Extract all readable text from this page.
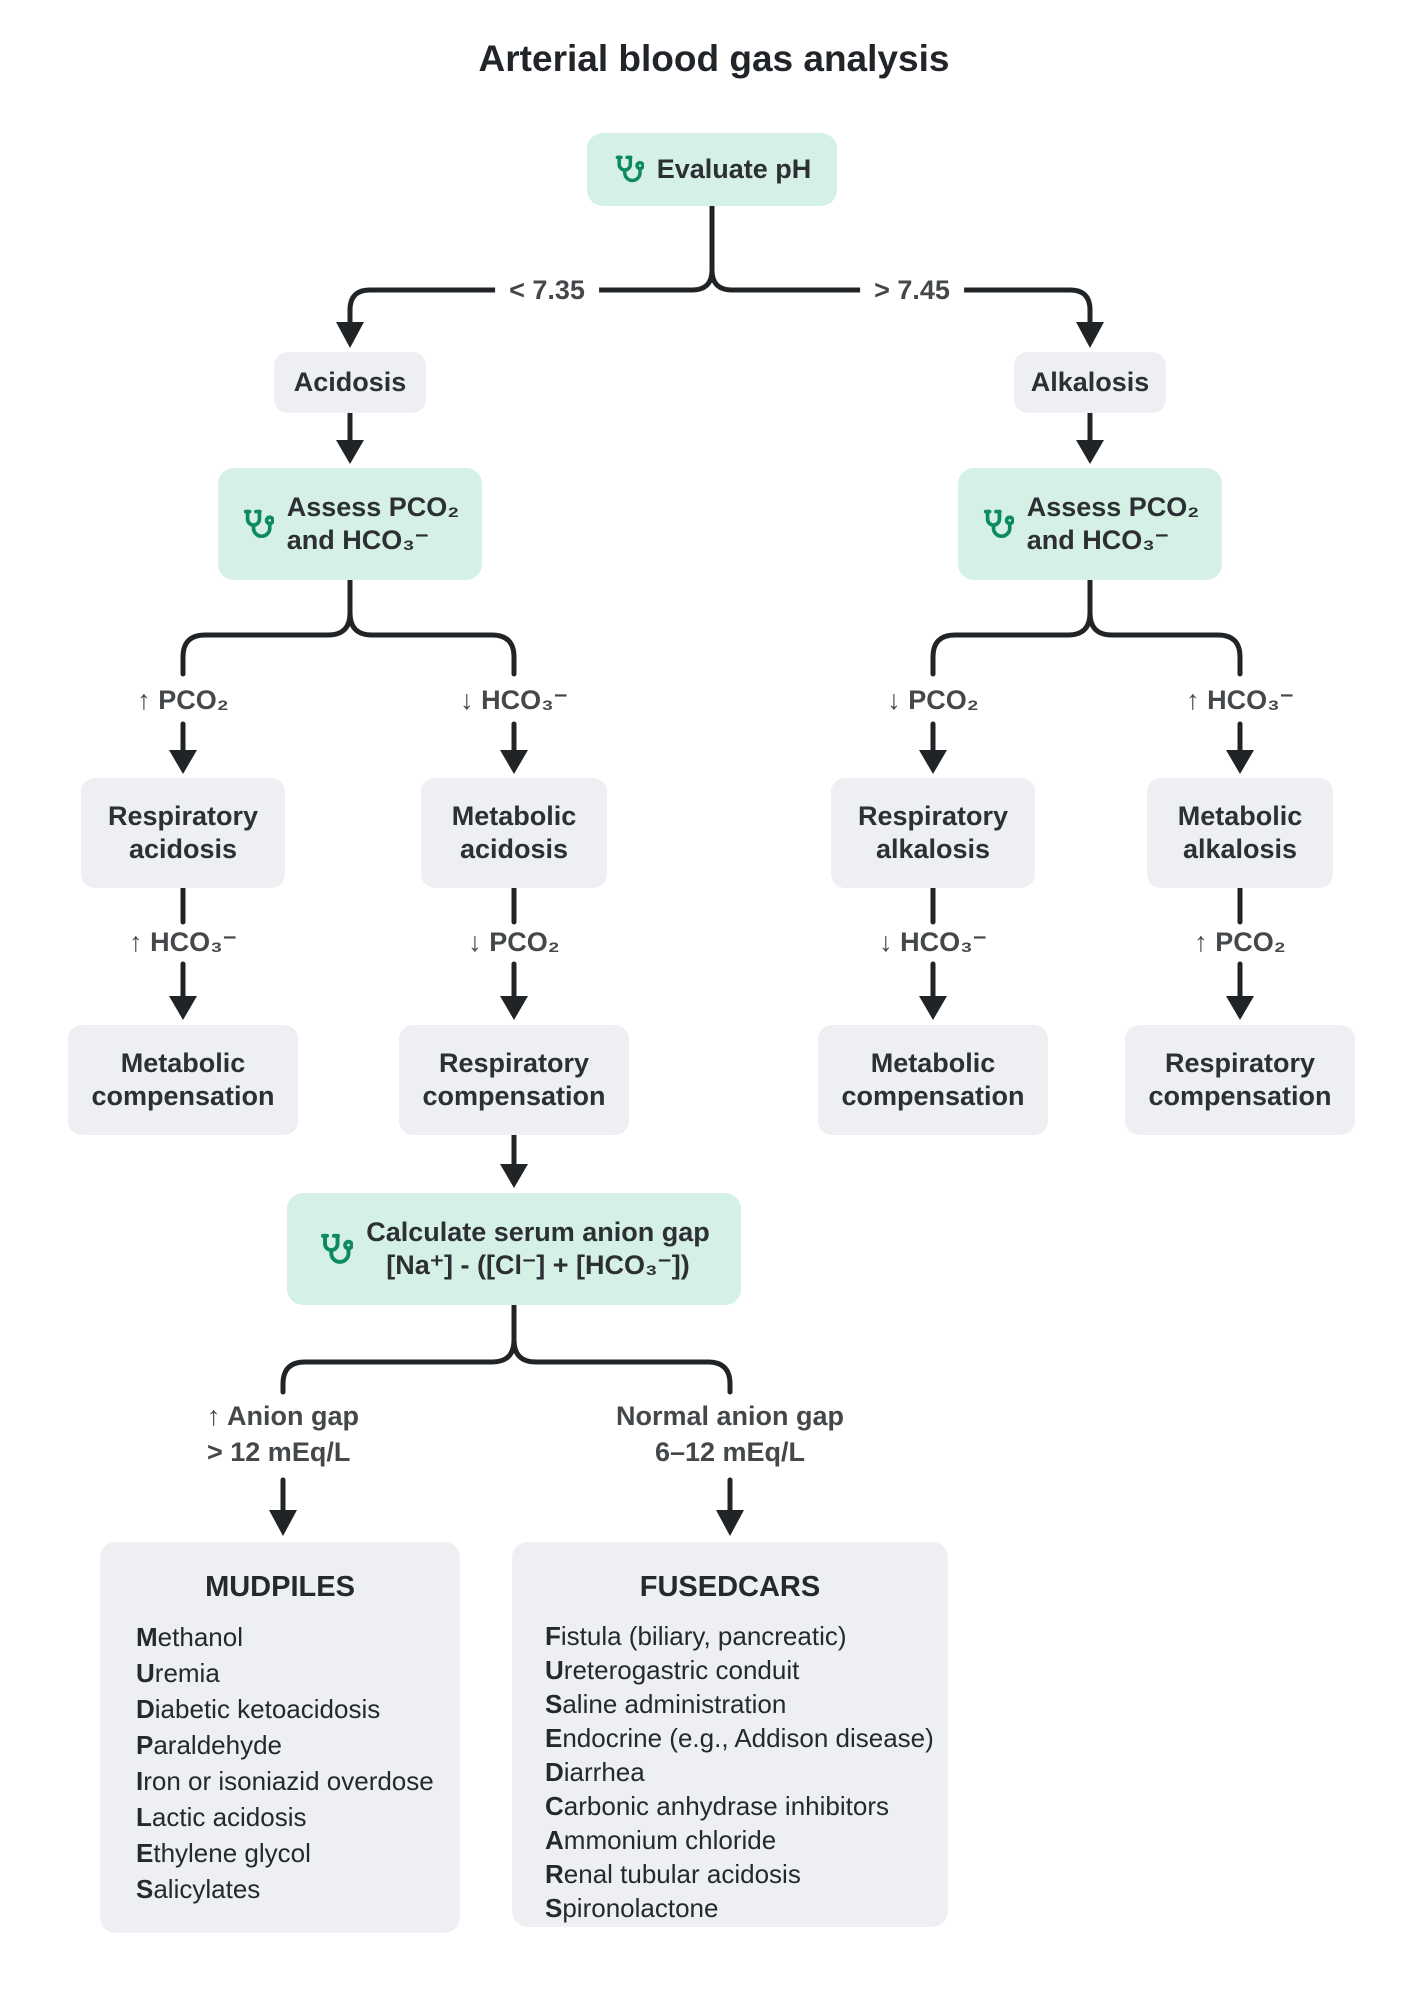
Arterial blood gas analysis
< 7.35	> 7.45
Evaluate pH
Acidosis	Alkalosis
Assess PCO₂
and HCO₃⁻
Assess PCO₂
and HCO₃⁻
↑ PCO₂	↓ HCO₃⁻	↓ PCO₂	↑ HCO₃⁻
Respiratory acidosis
Metabolic acidosis
Respiratory alkalosis
Metabolic alkalosis
↑ HCO₃⁻	↓ PCO₂	↓ HCO₃⁻	↑ PCO₂
Metabolic compensation
Respiratory compensation
Metabolic compensation
Respiratory compensation
Calculate serum anion gap
[Na⁺] - ([Cl⁻] + [HCO₃⁻])
↑ Anion gap
> 12 mEq/L
Normal anion gap
6–12 mEq/L
MUDPILES
Methanol
Uremia
Diabetic ketoacidosis
Paraldehyde
Iron or isoniazid overdose
Lactic acidosis
Ethylene glycol
Salicylates
FUSEDCARS
Fistula (biliary, pancreatic)
Ureterogastric conduit
Saline administration
Endocrine (e.g., Addison disease)
Diarrhea
Carbonic anhydrase inhibitors
Ammonium chloride
Renal tubular acidosis
Spironolactone
